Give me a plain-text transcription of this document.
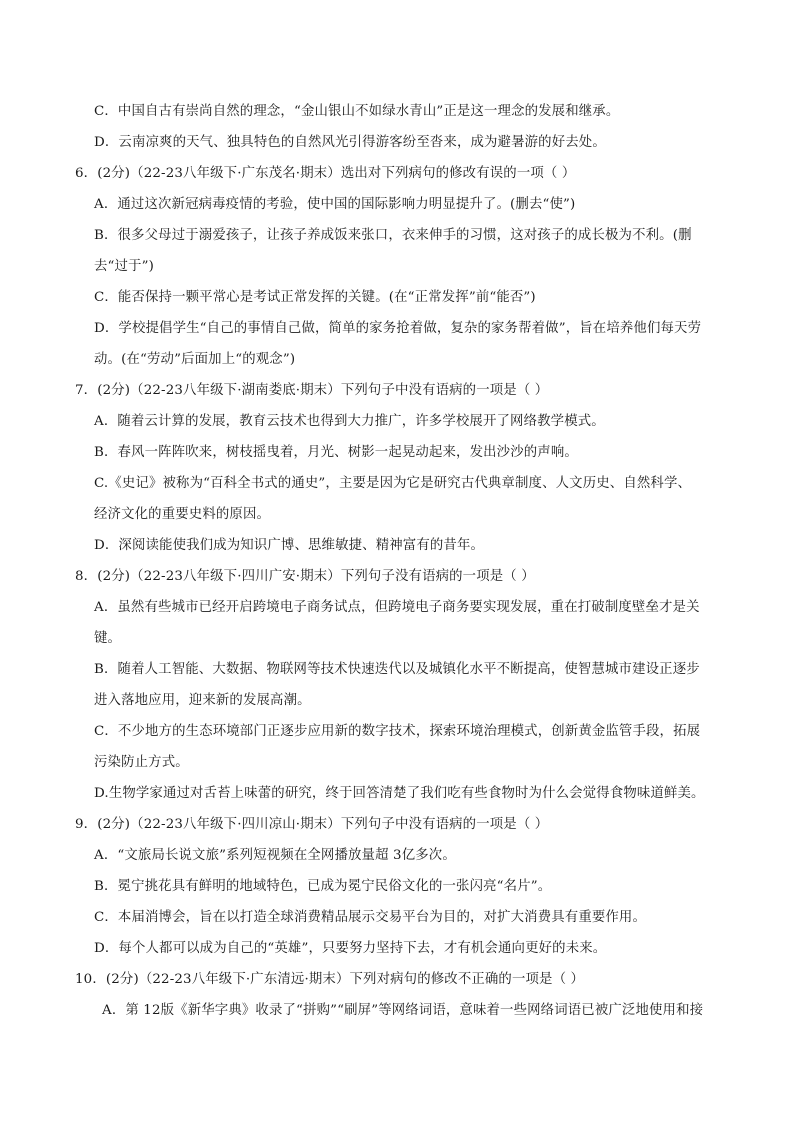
C．中国自古有崇尚自然的理念，“金山银山不如绿水青山”正是这一理念的发展和继承。
D．云南凉爽的天气、独具特色的自然风光引得游客纷至沓来，成为避暑游的好去处。
6．(2分)（22-23八年级下·广东茂名·期末）选出对下列病句的修改有误的一项（ ）
A．通过这次新冠病毒疫情的考验，使中国的国际影响力明显提升了。(删去“使”)
B．很多父母过于溺爱孩子，让孩子养成饭来张口，衣来伸手的习惯，这对孩子的成长极为不利。(删
去“过于”)
C．能否保持一颗平常心是考试正常发挥的关键。(在“正常发挥”前“能否”)
D．学校提倡学生“自己的事情自己做，简单的家务抢着做，复杂的家务帮着做”，旨在培养他们每天劳
动。(在“劳动”后面加上“的观念”)
7．(2分)（22-23八年级下·湖南娄底·期末）下列句子中没有语病的一项是（ ）
A．随着云计算的发展，教育云技术也得到大力推广，许多学校展开了网络教学模式。
B．春风一阵阵吹来，树枝摇曳着，月光、树影一起晃动起来，发出沙沙的声响。
C.《史记》被称为“百科全书式的通史”，主要是因为它是研究古代典章制度、人文历史、自然科学、
经济文化的重要史料的原因。
D．深阅读能使我们成为知识广博、思维敏捷、精神富有的昔年。
8．(2分)（22-23八年级下·四川广安·期末）下列句子没有语病的一项是（ ）
A．虽然有些城市已经开启跨境电子商务试点，但跨境电子商务要实现发展，重在打破制度壁垒才是关
键。
B．随着人工智能、大数据、物联网等技术快速迭代以及城镇化水平不断提高，使智慧城市建设正逐步
进入落地应用，迎来新的发展高潮。
C．不少地方的生态环境部门正逐步应用新的数字技术，探索环境治理模式，创新黄金监管手段，拓展
污染防止方式。
D.生物学家通过对舌苔上味蕾的研究，终于回答清楚了我们吃有些食物时为什么会觉得食物味道鲜美。
9．(2分)（22-23八年级下·四川凉山·期末）下列句子中没有语病的一项是（ ）
A．“文旅局长说文旅”系列短视频在全网播放量超 3亿多次。
B．冕宁挑花具有鲜明的地域特色，已成为冕宁民俗文化的一张闪亮“名片”。
C．本届消博会，旨在以打造全球消费精品展示交易平台为目的，对扩大消费具有重要作用。
D．每个人都可以成为自己的“英雄”，只要努力坚持下去，才有机会通向更好的未来。
10．(2分)（22-23八年级下·广东清远·期末）下列对病句的修改不正确的一项是（ ）
A．第 12版《新华字典》收录了“拼购”“刷屏”等网络词语，意味着一些网络词语已被广泛地使用和接
